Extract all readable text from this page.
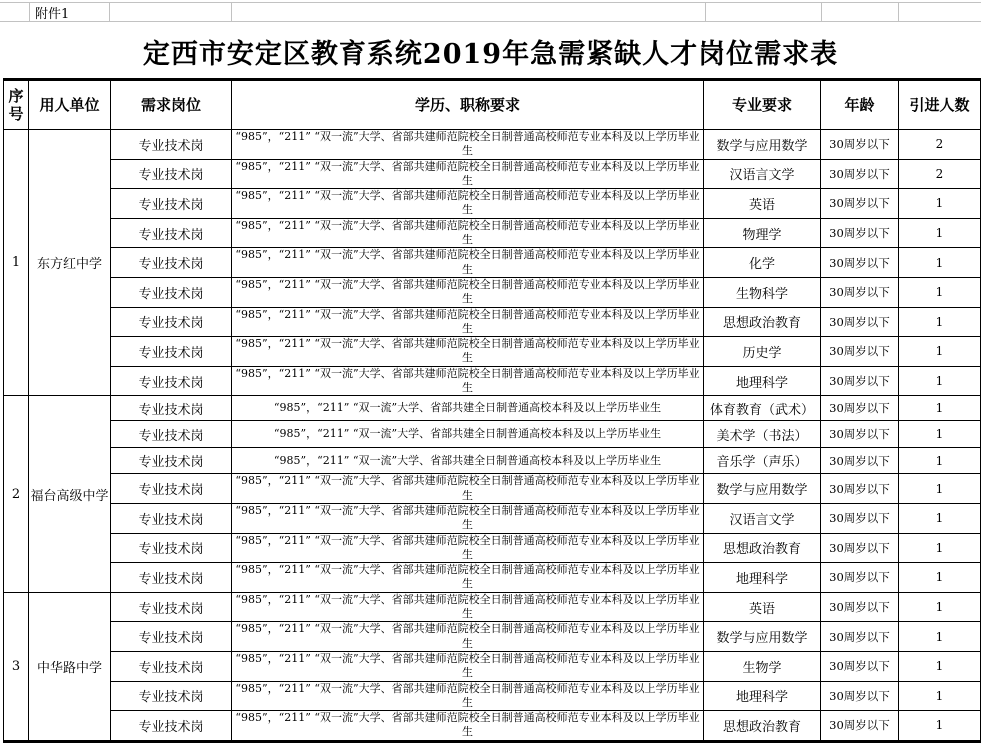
附件1
定西市安定区教育系统2019年急需紧缺人才岗位需求表
序号	用人单位	需求岗位	学历、职称要求	专业要求	年龄	引进人数
1	东方红中学	专业技术岗	“985”，“211” “双一流”大学、省部共建师范院校全日制普通高校师范专业本科及以上学历毕业生	数学与应用数学	30周岁以下	2
		专业技术岗	“985”，“211” “双一流”大学、省部共建师范院校全日制普通高校师范专业本科及以上学历毕业生	汉语言文学	30周岁以下	2
		专业技术岗	“985”，“211” “双一流”大学、省部共建师范院校全日制普通高校师范专业本科及以上学历毕业生	英语	30周岁以下	1
		专业技术岗	“985”，“211” “双一流”大学、省部共建师范院校全日制普通高校师范专业本科及以上学历毕业生	物理学	30周岁以下	1
		专业技术岗	“985”，“211” “双一流”大学、省部共建师范院校全日制普通高校师范专业本科及以上学历毕业生	化学	30周岁以下	1
		专业技术岗	“985”，“211” “双一流”大学、省部共建师范院校全日制普通高校师范专业本科及以上学历毕业生	生物科学	30周岁以下	1
		专业技术岗	“985”，“211” “双一流”大学、省部共建师范院校全日制普通高校师范专业本科及以上学历毕业生	思想政治教育	30周岁以下	1
		专业技术岗	“985”，“211” “双一流”大学、省部共建师范院校全日制普通高校师范专业本科及以上学历毕业生	历史学	30周岁以下	1
		专业技术岗	“985”，“211” “双一流”大学、省部共建师范院校全日制普通高校师范专业本科及以上学历毕业生	地理科学	30周岁以下	1
2	福台高级中学	专业技术岗	“985”，“211” “双一流”大学、省部共建全日制普通高校本科及以上学历毕业生	体育教育（武术）	30周岁以下	1
		专业技术岗	“985”，“211” “双一流”大学、省部共建全日制普通高校本科及以上学历毕业生	美术学（书法）	30周岁以下	1
		专业技术岗	“985”，“211” “双一流”大学、省部共建全日制普通高校本科及以上学历毕业生	音乐学（声乐）	30周岁以下	1
		专业技术岗	“985”，“211” “双一流”大学、省部共建师范院校全日制普通高校师范专业本科及以上学历毕业生	数学与应用数学	30周岁以下	1
		专业技术岗	“985”，“211” “双一流”大学、省部共建师范院校全日制普通高校师范专业本科及以上学历毕业生	汉语言文学	30周岁以下	1
		专业技术岗	“985”，“211” “双一流”大学、省部共建师范院校全日制普通高校师范专业本科及以上学历毕业生	思想政治教育	30周岁以下	1
		专业技术岗	“985”，“211” “双一流”大学、省部共建师范院校全日制普通高校师范专业本科及以上学历毕业生	地理科学	30周岁以下	1
3	中华路中学	专业技术岗	“985”，“211” “双一流”大学、省部共建师范院校全日制普通高校师范专业本科及以上学历毕业生	英语	30周岁以下	1
		专业技术岗	“985”，“211” “双一流”大学、省部共建师范院校全日制普通高校师范专业本科及以上学历毕业生	数学与应用数学	30周岁以下	1
		专业技术岗	“985”，“211” “双一流”大学、省部共建师范院校全日制普通高校师范专业本科及以上学历毕业生	生物学	30周岁以下	1
		专业技术岗	“985”，“211” “双一流”大学、省部共建师范院校全日制普通高校师范专业本科及以上学历毕业生	地理科学	30周岁以下	1
		专业技术岗	“985”，“211” “双一流”大学、省部共建师范院校全日制普通高校师范专业本科及以上学历毕业生	思想政治教育	30周岁以下	1
